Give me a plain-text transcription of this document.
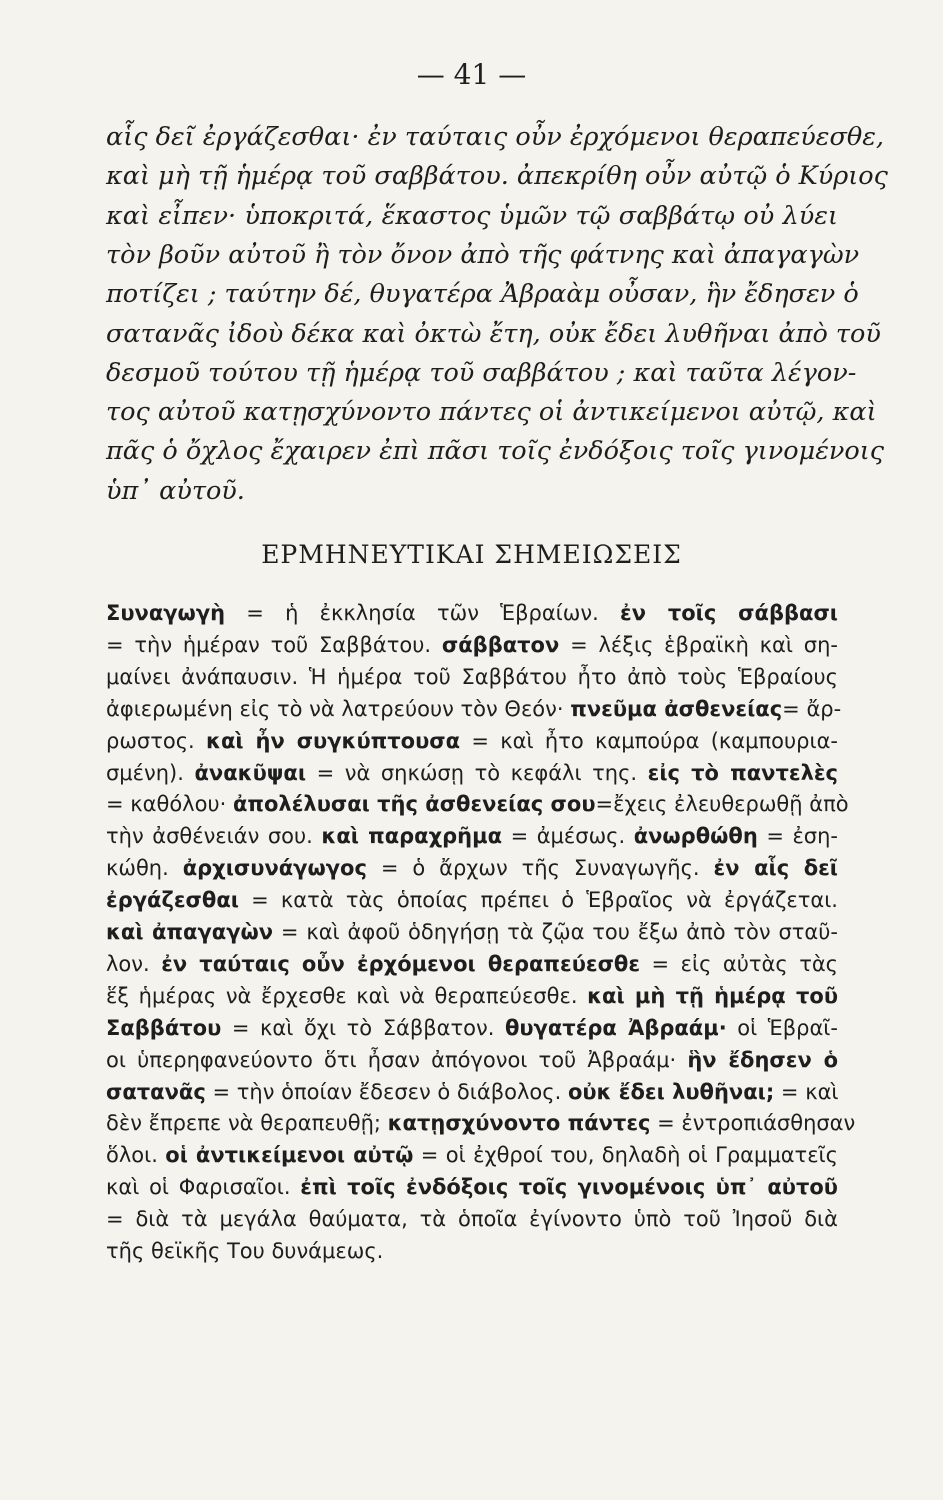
— 41 —
αἷς δεῖ ἐργάζεσθαι· ἐν ταύταις οὖν ἐρχόμενοι θεραπεύεσθε,
καὶ μὴ τῇ ἡμέρᾳ τοῦ σαββάτου. ἀπεκρίθη οὖν αὐτῷ ὁ Κύριος
καὶ εἶπεν· ὑποκριτά, ἕκαστος ὑμῶν τῷ σαββάτῳ οὐ λύει
τὸν βοῦν αὐτοῦ ἢ τὸν ὄνον ἀπὸ τῆς φάτνης καὶ ἀπαγαγὼν
ποτίζει ; ταύτην δέ, θυγατέρα Ἀβραὰμ οὖσαν, ἣν ἔδησεν ὁ
σατανᾶς ἰδοὺ δέκα καὶ ὀκτὼ ἔτη, οὐκ ἔδει λυθῆναι ἀπὸ τοῦ
δεσμοῦ τούτου τῇ ἡμέρᾳ τοῦ σαββάτου ; καὶ ταῦτα λέγον-
τος αὐτοῦ κατῃσχύνοντο πάντες οἱ ἀντικείμενοι αὐτῷ, καὶ
πᾶς ὁ ὄχλος ἔχαιρεν ἐπὶ πᾶσι τοῖς ἐνδόξοις τοῖς γινομένοις
ὑπ᾽ αὐτοῦ.
ΕΡΜΗΝΕΥΤΙΚΑΙ ΣΗΜΕΙΩΣΕΙΣ
Συναγωγὴ = ἡ ἐκκλησία τῶν Ἑβραίων. ἐν τοῖς σάββασι
= τὴν ἡμέραν τοῦ Σαββάτου. σάββατον = λέξις ἑβραϊκὴ καὶ ση-
μαίνει ἀνάπαυσιν. Ἡ ἡμέρα τοῦ Σαββάτου ἦτο ἀπὸ τοὺς Ἑβραίους
ἀφιερωμένη εἰς τὸ νὰ λατρεύουν τὸν Θεόν· πνεῦμα ἀσθενείας= ἄρ-
ρωστος. καὶ ἦν συγκύπτουσα = καὶ ἦτο καμπούρα (καμπουρια-
σμένη). ἀνακῦψαι = νὰ σηκώσῃ τὸ κεφάλι της. εἰς τὸ παντελὲς
= καθόλου· ἀπολέλυσαι τῆς ἀσθενείας σου=ἔχεις ἐλευθερωθῇ ἀπὸ
τὴν ἀσθένειάν σου. καὶ παραχρῆμα = ἀμέσως. ἀνωρθώθη = ἐση-
κώθη. ἀρχισυνάγωγος = ὁ ἄρχων τῆς Συναγωγῆς. ἐν αἷς δεῖ
ἐργάζεσθαι = κατὰ τὰς ὁποίας πρέπει ὁ Ἑβραῖος νὰ ἐργάζεται.
καὶ ἀπαγαγὼν = καὶ ἀφοῦ ὁδηγήσῃ τὰ ζῷα του ἔξω ἀπὸ τὸν σταῦ-
λον. ἐν ταύταις οὖν ἐρχόμενοι θεραπεύεσθε = εἰς αὐτὰς τὰς
ἕξ ἡμέρας νὰ ἔρχεσθε καὶ νὰ θεραπεύεσθε. καὶ μὴ τῇ ἡμέρᾳ τοῦ
Σαββάτου = καὶ ὄχι τὸ Σάββατον. θυγατέρα Ἀβραάμ· οἱ Ἑβραῖ-
οι ὑπερηφανεύοντο ὅτι ἦσαν ἀπόγονοι τοῦ Ἀβραάμ· ἣν ἔδησεν ὁ
σατανᾶς = τὴν ὁποίαν ἔδεσεν ὁ διάβολος. οὐκ ἔδει λυθῆναι; = καὶ
δὲν ἔπρεπε νὰ θεραπευθῇ; κατῃσχύνοντο πάντες = ἐντροπιάσθησαν
ὅλοι. οἱ ἀντικείμενοι αὐτῷ = οἱ ἐχθροί του, δηλαδὴ οἱ Γραμματεῖς
καὶ οἱ Φαρισαῖοι. ἐπὶ τοῖς ἐνδόξοις τοῖς γινομένοις ὑπ᾽ αὐτοῦ
= διὰ τὰ μεγάλα θαύματα, τὰ ὁποῖα ἐγίνοντο ὑπὸ τοῦ Ἰησοῦ διὰ
τῆς θεϊκῆς Του δυνάμεως.
